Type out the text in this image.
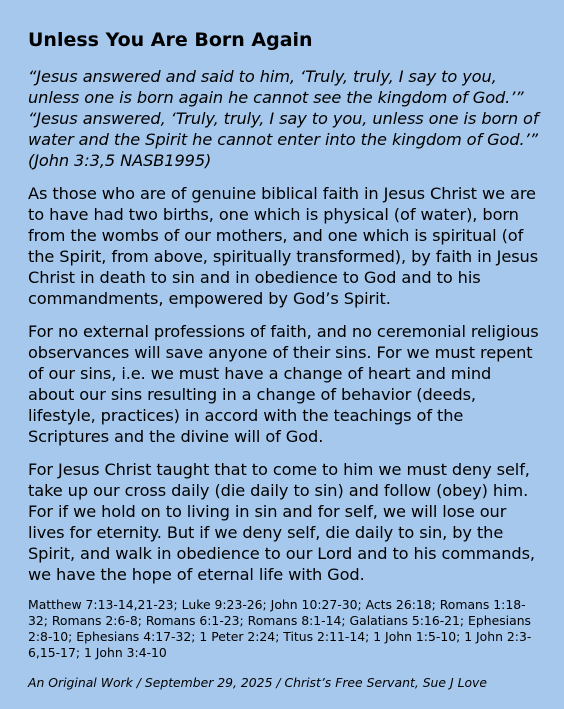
Unless You Are Born Again

“Jesus answered and said to him, ‘Truly, truly, I say to you, unless one is born again he cannot see the kingdom of God.’” “Jesus answered, ‘Truly, truly, I say to you, unless one is born of water and the Spirit he cannot enter into the kingdom of God.’” (John 3:3,5 NASB1995)

As those who are of genuine biblical faith in Jesus Christ we are to have had two births, one which is physical (of water), born from the wombs of our mothers, and one which is spiritual (of the Spirit, from above, spiritually transformed), by faith in Jesus Christ in death to sin and in obedience to God and to his commandments, empowered by God’s Spirit.

For no external professions of faith, and no ceremonial religious observances will save anyone of their sins. For we must repent of our sins, i.e. we must have a change of heart and mind about our sins resulting in a change of behavior (deeds, lifestyle, practices) in accord with the teachings of the Scriptures and the divine will of God.

For Jesus Christ taught that to come to him we must deny self, take up our cross daily (die daily to sin) and follow (obey) him. For if we hold on to living in sin and for self, we will lose our lives for eternity. But if we deny self, die daily to sin, by the Spirit, and walk in obedience to our Lord and to his commands, we have the hope of eternal life with God.

Matthew 7:13-14,21-23; Luke 9:23-26; John 10:27-30; Acts 26:18; Romans 1:18-32; Romans 2:6-8; Romans 6:1-23; Romans 8:1-14; Galatians 5:16-21; Ephesians 2:8-10; Ephesians 4:17-32; 1 Peter 2:24; Titus 2:11-14; 1 John 1:5-10; 1 John 2:3-6,15-17; 1 John 3:4-10

An Original Work / September 29, 2025 / Christ’s Free Servant, Sue J Love
